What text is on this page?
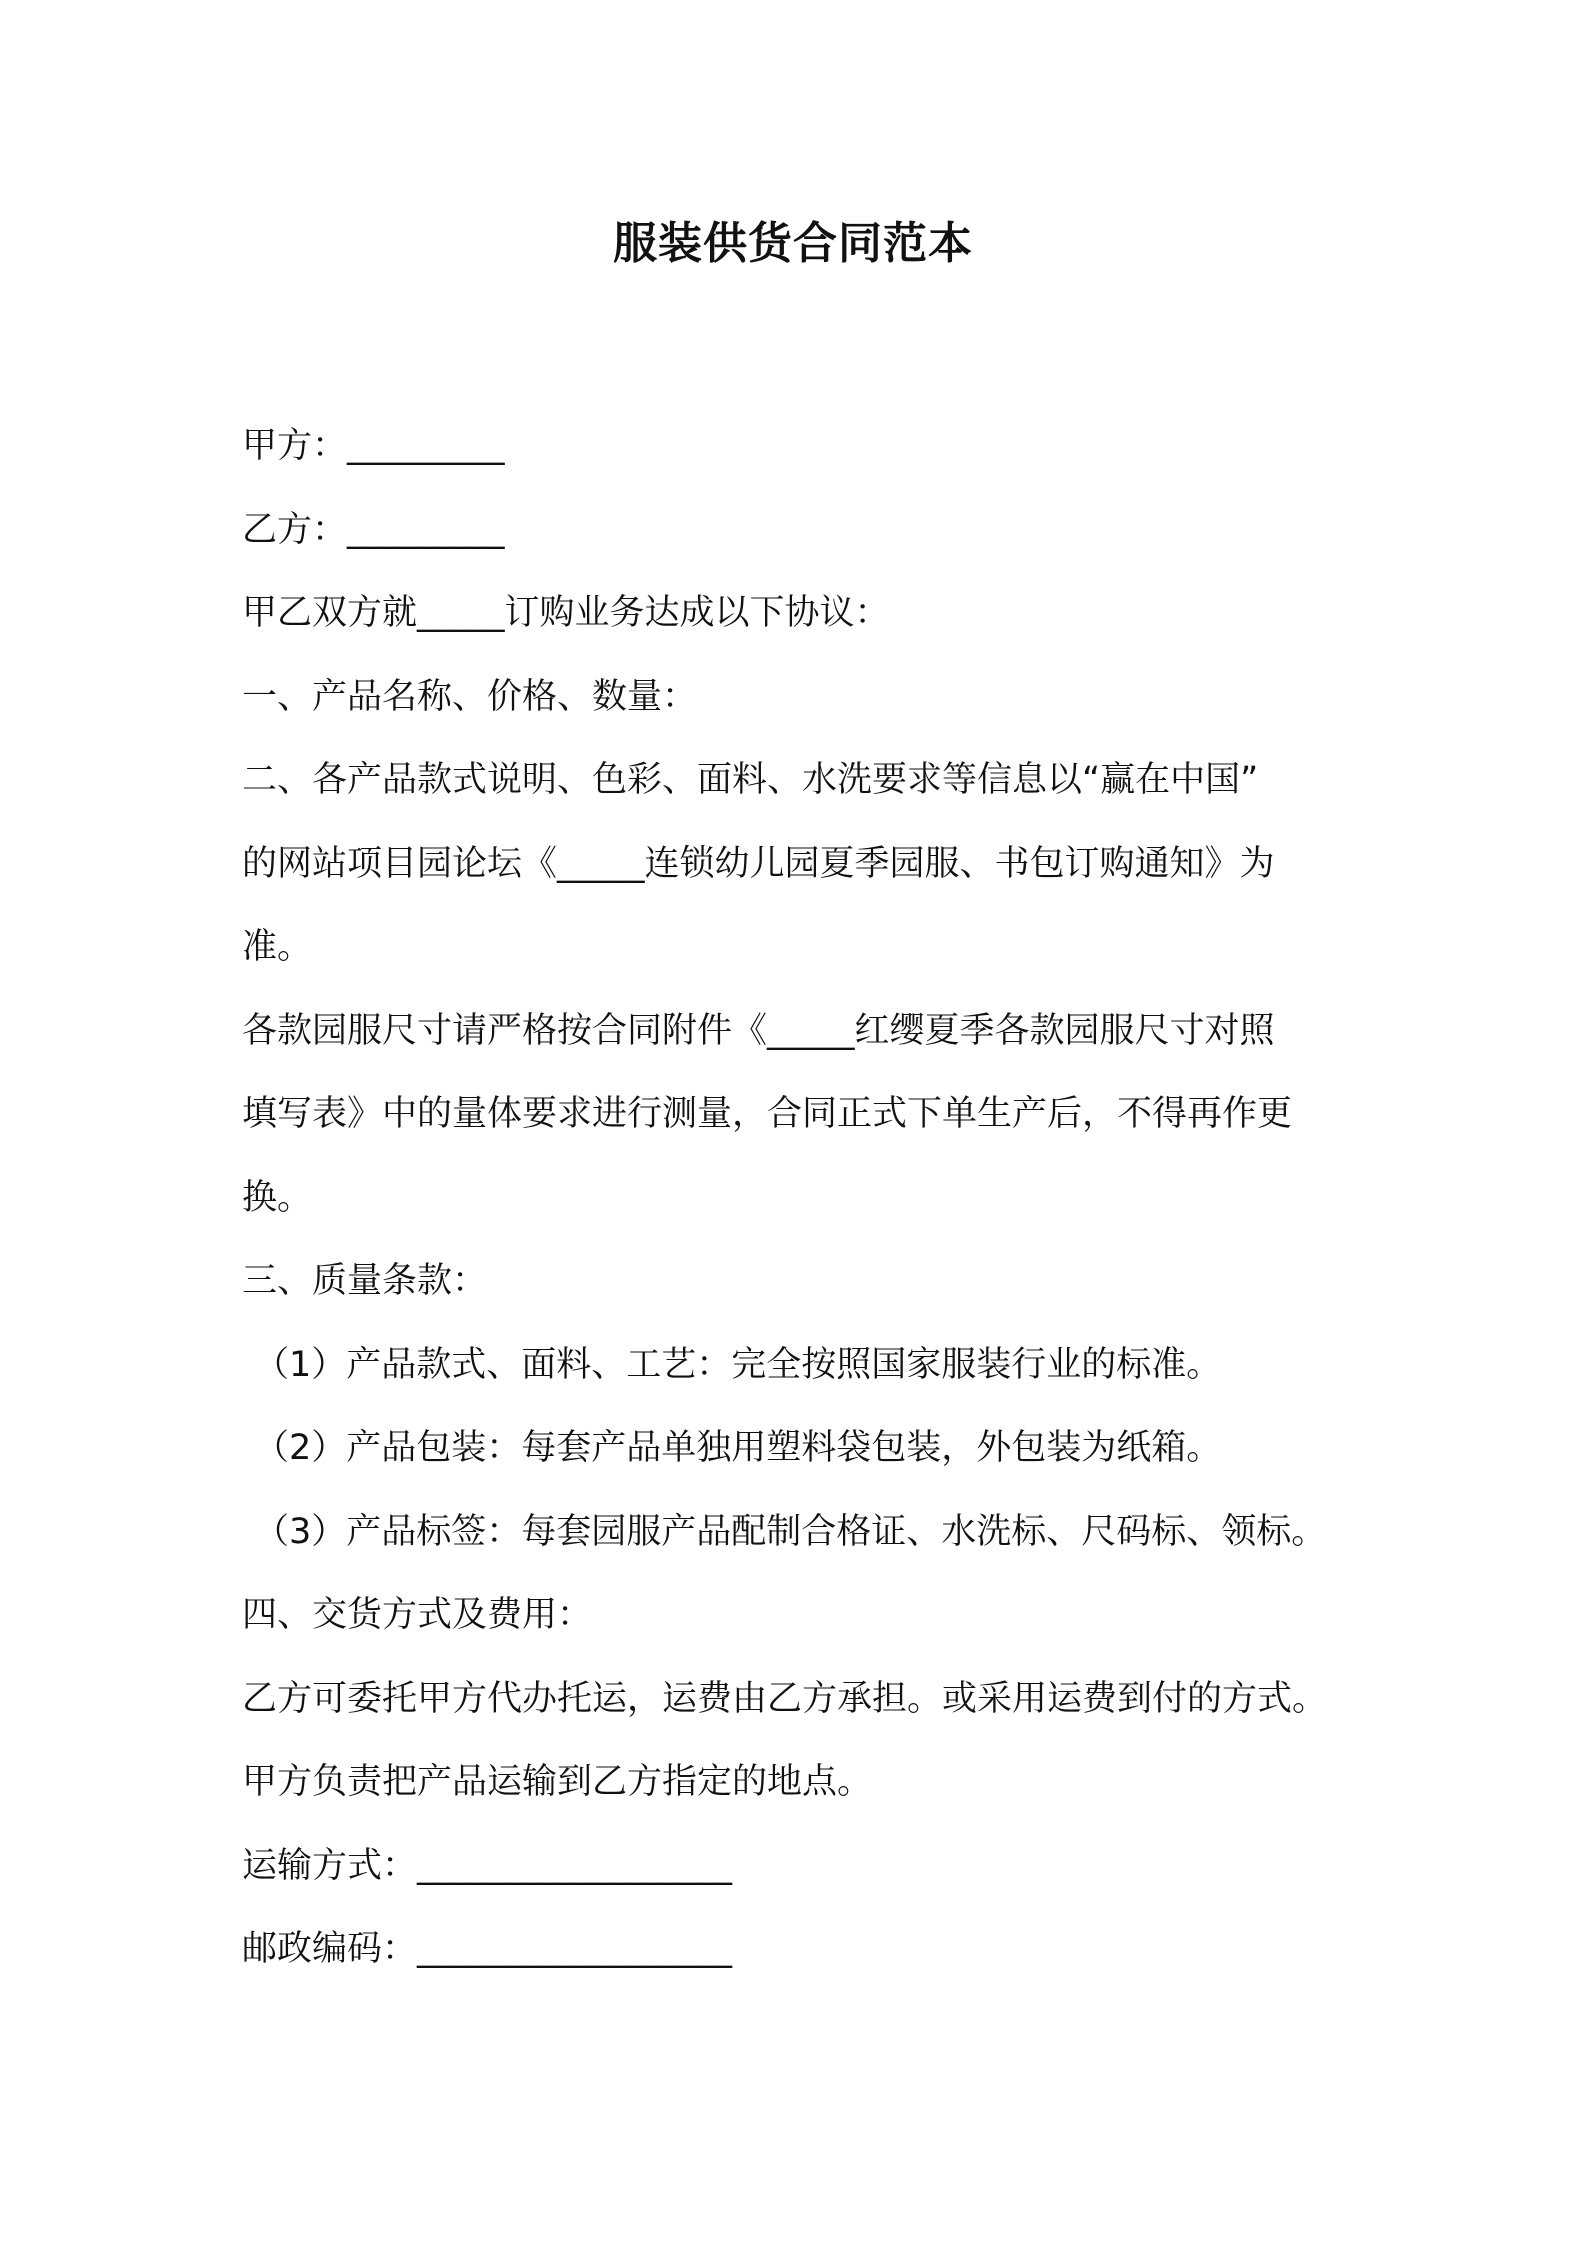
服装供货合同范本
甲方：_________
乙方：_________
甲乙双方就_____订购业务达成以下协议：
一、产品名称、价格、数量：
二、各产品款式说明、色彩、面料、水洗要求等信息以“赢在中国”
的网站项目园论坛《_____连锁幼儿园夏季园服、书包订购通知》为
准。
各款园服尺寸请严格按合同附件《_____红缨夏季各款园服尺寸对照
填写表》中的量体要求进行测量，合同正式下单生产后，不得再作更
换。
三、质量条款：
（1）产品款式、面料、工艺：完全按照国家服装行业的标准。
（2）产品包装：每套产品单独用塑料袋包装，外包装为纸箱。
（3）产品标签：每套园服产品配制合格证、水洗标、尺码标、领标。
四、交货方式及费用：
乙方可委托甲方代办托运，运费由乙方承担。或采用运费到付的方式。
甲方负责把产品运输到乙方指定的地点。
运输方式：__________________
邮政编码：__________________
